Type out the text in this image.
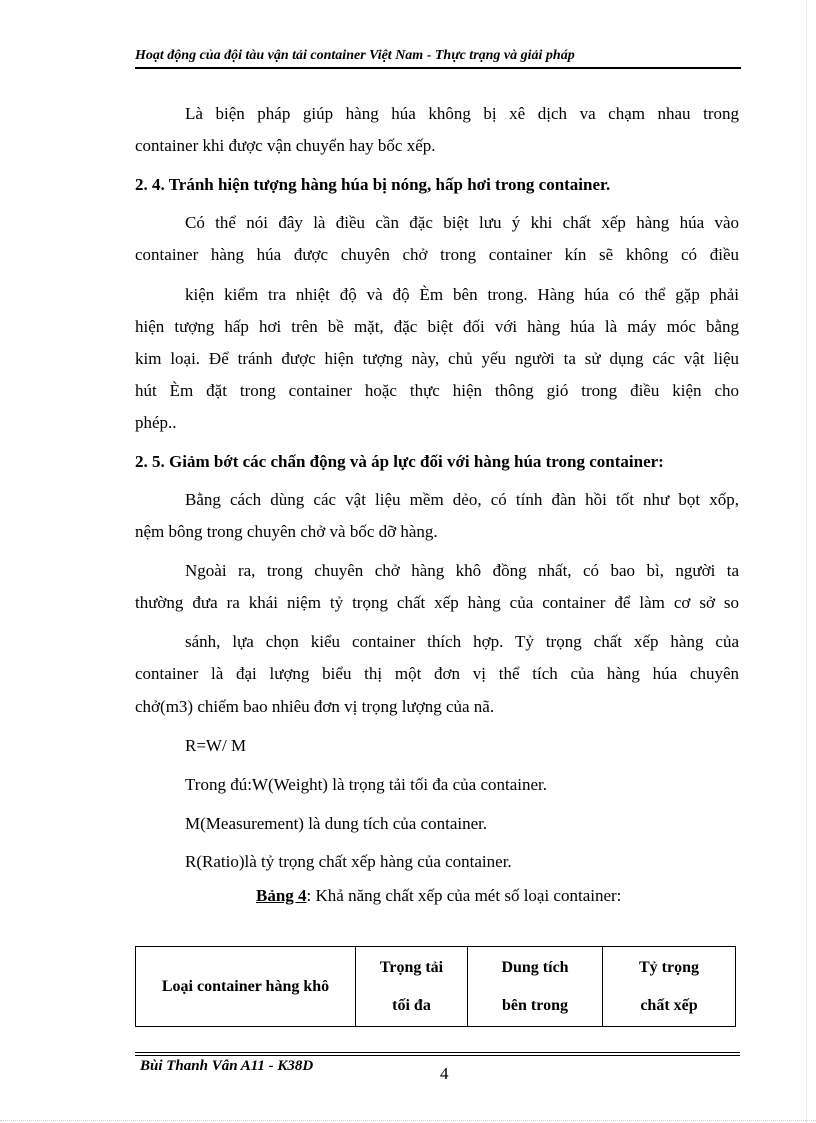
Hoạt động của đội tàu vận tải container Việt Nam - Thực trạng và giải pháp
Là biện pháp giúp hàng húa không bị xê dịch va chạm nhau trong
container khi được vận chuyển hay bốc xếp.
2. 4. Tránh hiện tượng hàng húa bị nóng, hấp hơi trong container.
Có thể nói đây là điều cần đặc biệt lưu ý khi chất xếp hàng húa vào
container hàng húa được chuyên chở trong container kín sẽ không có điều
kiện kiểm tra nhiệt độ và độ Èm bên trong. Hàng húa có thể gặp phải
hiện tượng hấp hơi trên bề mặt, đặc biệt đối với hàng húa là máy móc bằng
kim loại. Để tránh được hiện tượng này, chủ yếu người ta sử dụng các vật liệu
hút Èm đặt trong container hoặc thực hiện thông gió trong điều kiện cho
phép..
2. 5. Giảm bớt các chấn động và áp lực đối với hàng húa trong container:
Bằng cách dùng các vật liệu mềm dẻo, có tính đàn hồi tốt như bọt xốp,
nệm bông trong chuyên chở và bốc dỡ hàng.
Ngoài ra, trong chuyên chở hàng khô đồng nhất, có bao bì, người ta
thường đưa ra khái niệm tỷ trọng chất xếp hàng của container để làm cơ sở so
sánh, lựa chọn kiểu container thích hợp. Tỷ trọng chất xếp hàng của
container là đại lượng biểu thị một đơn vị thể tích của hàng húa chuyên
chở(m3) chiếm bao nhiêu đơn vị trọng lượng của nã.
R=W/ M
Trong đú:W(Weight) là trọng tải tối đa của container.
M(Measurement) là dung tích của container.
R(Ratio)là tỷ trọng chất xếp hàng của container.
Bảng 4: Khả năng chất xếp của mét số loại container:
Loại container hàng khô
Trọng tải tối đa
Dung tích bên trong
Tỷ trọng chất xếp
Bùi Thanh Vân A11 - K38D	4
